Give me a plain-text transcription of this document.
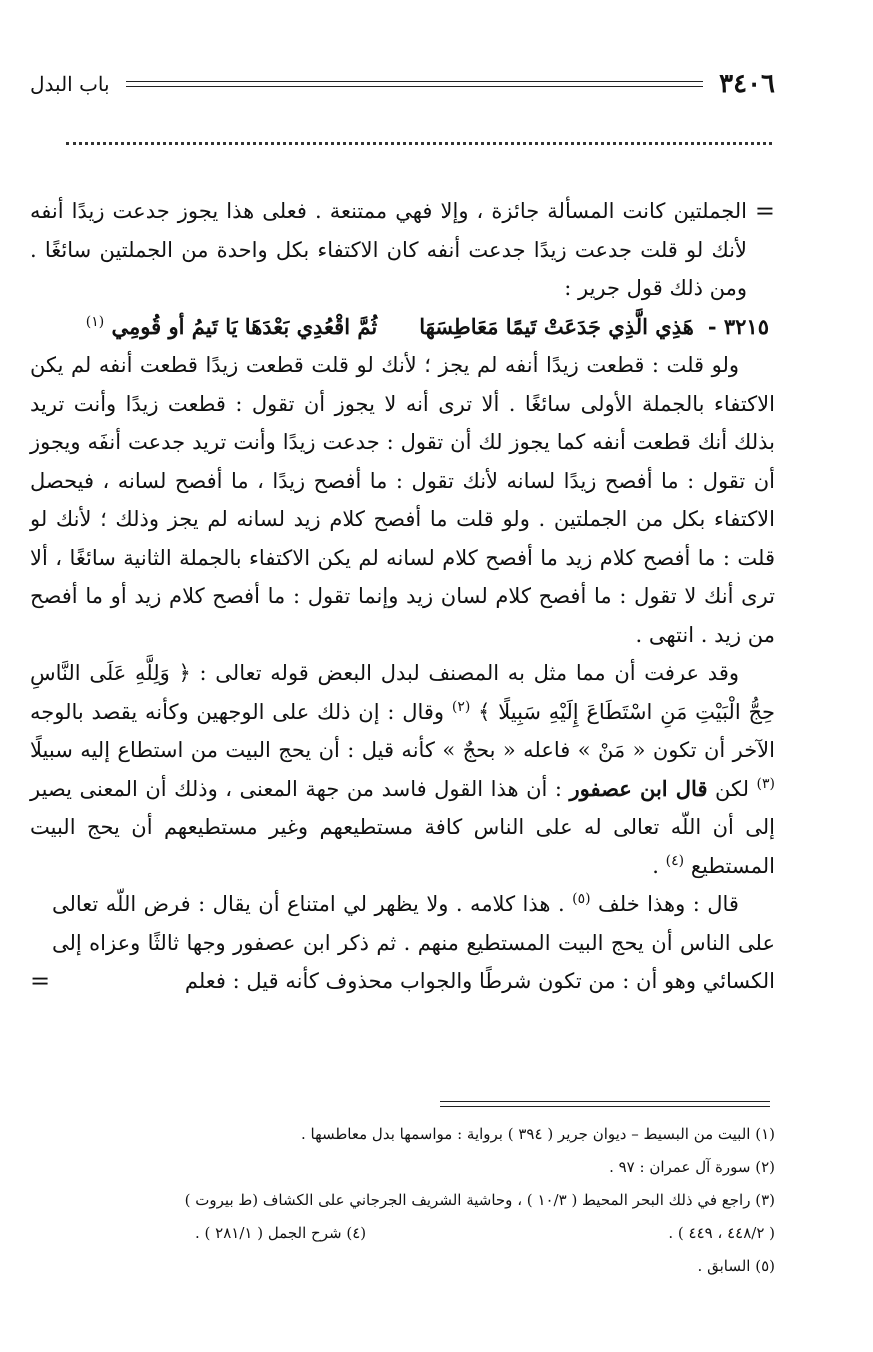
٣٤٠٦
باب البدل

=
الجملتين كانت المسألة جائزة ، وإلا فهي ممتنعة . فعلى هذا يجوز جدعت زيدًا أنفه لأنك لو قلت جدعت زيدًا جدعت أنفه كان الاكتفاء بكل واحدة من الجملتين سائغًا . ومن ذلك قول جرير :

٣٢١٥ -
هَذِي الَّذِي جَدَعَتْ تَيمًا مَعَاطِسَهَا
ثُمَّ اقْعُدِي بَعْدَهَا يَا تَيمُ أو قُومِي $^{(١)}$

ولو قلت : قطعت زيدًا أنفه لم يجز ؛ لأنك لو قلت قطعت زيدًا قطعت أنفه لم يكن الاكتفاء بالجملة الأولى سائغًا . ألا ترى أنه لا يجوز أن تقول : قطعت زيدًا وأنت تريد بذلك أنك قطعت أنفه كما يجوز لك أن تقول : جدعت زيدًا وأنت تريد جدعت أنفَه ويجوز أن تقول : ما أفصح زيدًا لسانه لأنك تقول : ما أفصح زيدًا ، ما أفصح لسانه ، فيحصل الاكتفاء بكل من الجملتين . ولو قلت ما أفصح كلام زيد لسانه لم يجز وذلك ؛ لأنك لو قلت : ما أفصح كلام زيد ما أفصح كلام لسانه لم يكن الاكتفاء بالجملة الثانية سائغًا ، ألا ترى أنك لا تقول : ما أفصح كلام لسان زيد وإنما تقول : ما أفصح كلام زيد أو ما أفصح من زيد . انتهى .

وقد عرفت أن مما مثل به المصنف لبدل البعض قوله تعالى : ﴿ وَلِلَّهِ عَلَى النَّاسِ حِجُّ الْبَيْتِ مَنِ اسْتَطَاعَ إِلَيْهِ سَبِيلًا ﴾ $^{(٢)}$ وقال : إن ذلك على الوجهين وكأنه يقصد بالوجه الآخر أن تكون « مَنْ » فاعله « بحجٌ » كأنه قيل : أن يحج البيت من استطاع إليه سبيلًا $^{(٣)}$ لكن قال ابن عصفور : أن هذا القول فاسد من جهة المعنى ، وذلك أن المعنى يصير إلى أن اللّه تعالى له على الناس كافة مستطيعهم وغير مستطيعهم أن يحج البيت المستطيع $^{(٤)}$ .

قال : وهذا خلف $^{(٥)}$ . هذا كلامه . ولا يظهر لي امتناع أن يقال : فرض اللّه تعالى على الناس أن يحج البيت المستطيع منهم . ثم ذكر ابن عصفور وجها ثالثًا وعزاه إلى الكسائي وهو أن : من تكون شرطًا والجواب محذوف كأنه قيل : فعلم
=

(١) البيت من البسيط – ديوان جرير ( ٣٩٤ ) برواية : مواسمها بدل معاطسها .
(٢) سورة آل عمران : ٩٧ .
(٣) راجع في ذلك البحر المحيط ( ١٠/٣ ) ، وحاشية الشريف الجرجاني على الكشاف (ط بيروت )
( ٤٤٨/٢ ، ٤٤٩ ) .
(٤) شرح الجمل ( ٢٨١/١ ) .
(٥) السابق .
